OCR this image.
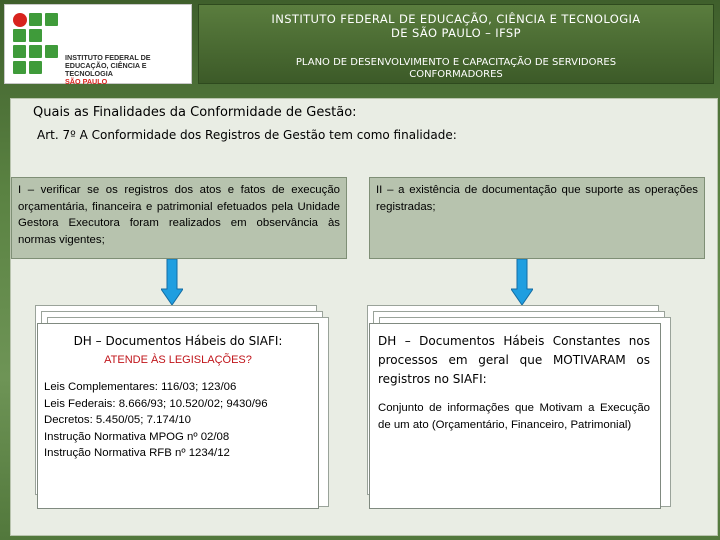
INSTITUTO FEDERAL DE
EDUCAÇÃO, CIÊNCIA E TECNOLOGIA
SÃO PAULO
INSTITUTO FEDERAL DE EDUCAÇÃO, CIÊNCIA E TECNOLOGIA
DE SÃO PAULO – IFSP
PLANO DE DESENVOLVIMENTO E CAPACITAÇÃO DE SERVIDORES
CONFORMADORES
Quais as Finalidades da Conformidade de Gestão:
Art. 7º A Conformidade dos Registros de Gestão tem como finalidade:
I – verificar se os registros dos atos e fatos de execução orçamentária, financeira e patrimonial efetuados pela Unidade Gestora Executora foram realizados em observância às normas vigentes;
II – a existência de documentação que suporte as operações registradas;
DH – Documentos Hábeis do SIAFI:
ATENDE ÀS LEGISLAÇÕES?
Leis Complementares: 116/03; 123/06
Leis Federais: 8.666/93; 10.520/02; 9430/96
Decretos: 5.450/05; 7.174/10
Instrução Normativa MPOG nº 02/08
Instrução Normativa RFB nº 1234/12
DH – Documentos Hábeis Constantes nos processos em geral que MOTIVARAM os registros no SIAFI:
Conjunto de informações que Motivam a Execução de um ato (Orçamentário, Financeiro, Patrimonial)
